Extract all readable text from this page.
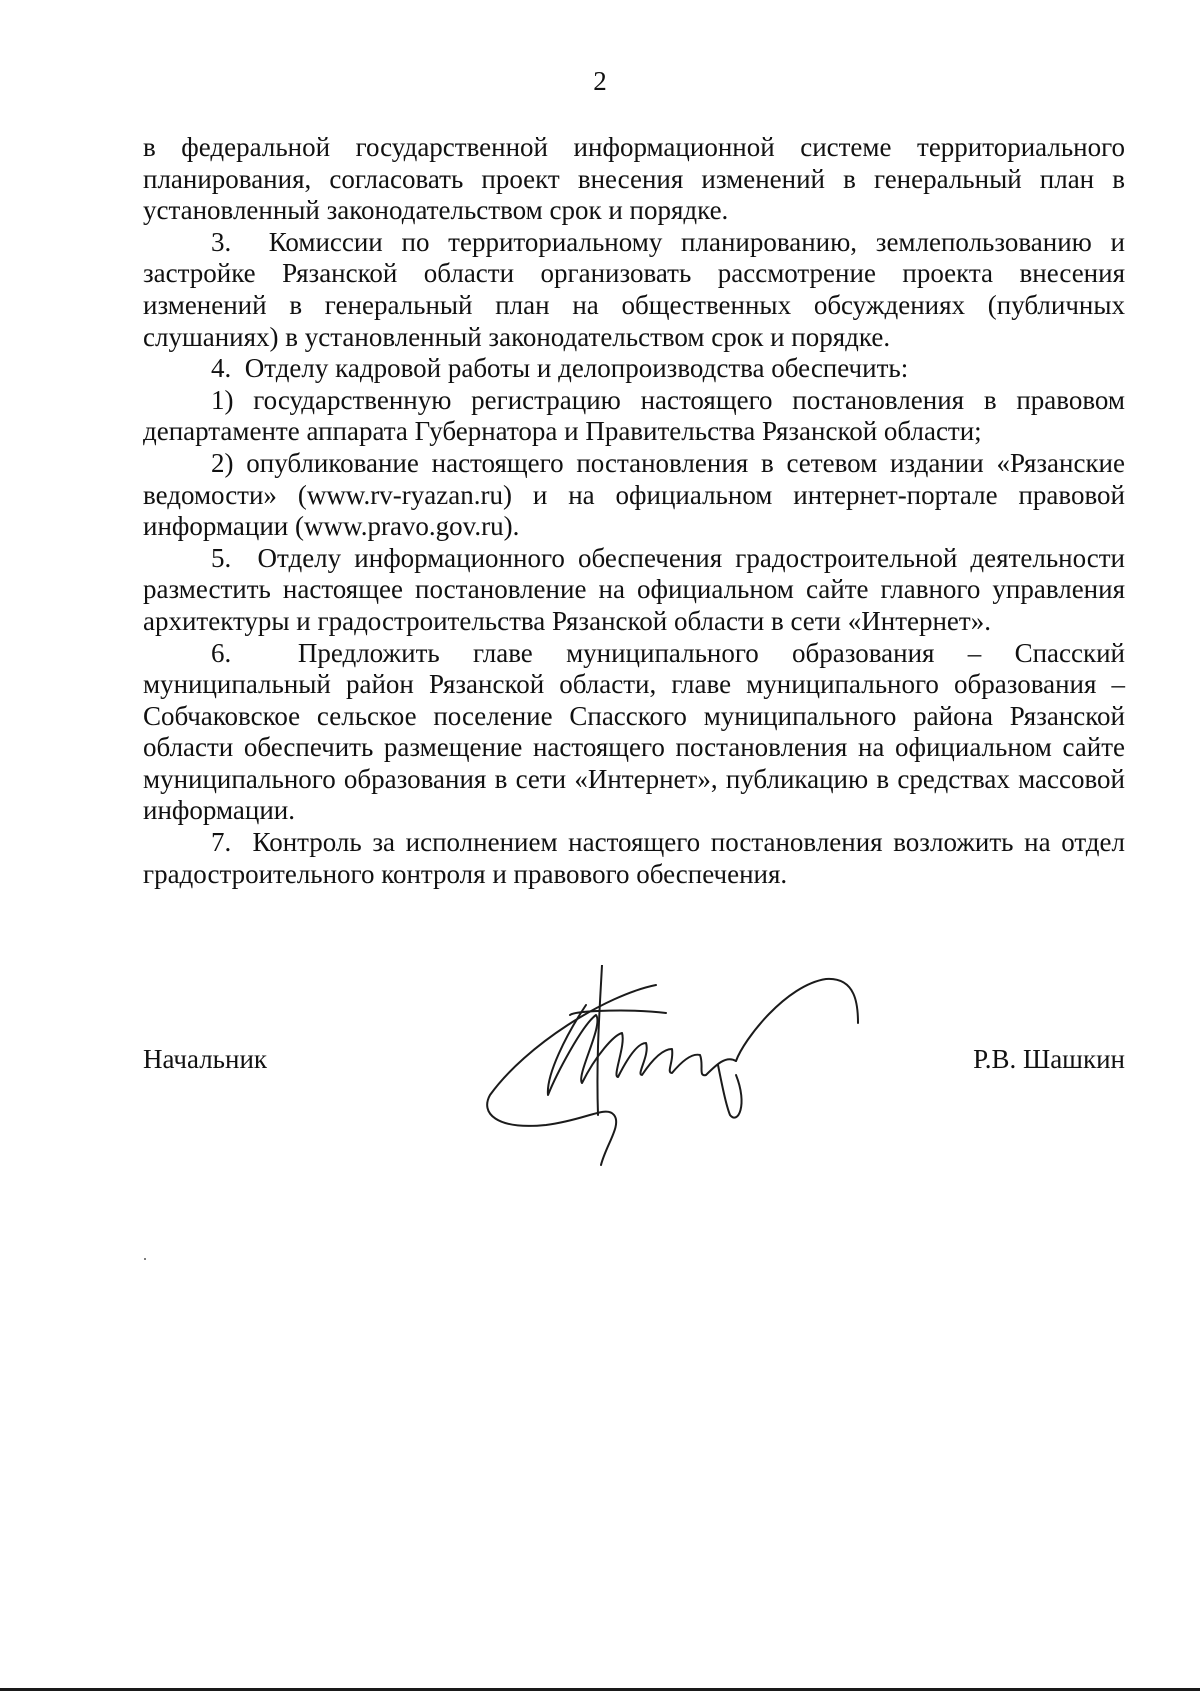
2

в федеральной государственной информационной системе территориального планирования, согласовать проект внесения изменений в генеральный план в установленный законодательством срок и порядке.

3.  Комиссии по территориальному планированию, землепользованию и застройке Рязанской области организовать рассмотрение проекта внесения изменений в генеральный план на общественных обсуждениях (публичных слушаниях) в установленный законодательством срок и порядке.

4.  Отделу кадровой работы и делопроизводства обеспечить:

1) государственную регистрацию настоящего постановления в правовом департаменте аппарата Губернатора и Правительства Рязанской области;

2) опубликование настоящего постановления в сетевом издании «Рязанские ведомости» (www.rv-ryazan.ru) и на официальном интернет-портале правовой информации (www.pravo.gov.ru).

5.  Отделу информационного обеспечения градостроительной деятельности разместить настоящее постановление на официальном сайте главного управления архитектуры и градостроительства Рязанской области в сети «Интернет».

6.  Предложить главе муниципального образования – Спасский муниципальный район Рязанской области, главе муниципального образования – Собчаковское сельское поселение Спасского муниципального района Рязанской области обеспечить размещение настоящего постановления на официальном сайте муниципального образования в сети «Интернет», публикацию в средствах массовой информации.

7.  Контроль за исполнением настоящего постановления возложить на отдел градостроительного контроля и правового обеспечения.

Начальник	Р.В. Шашкин
